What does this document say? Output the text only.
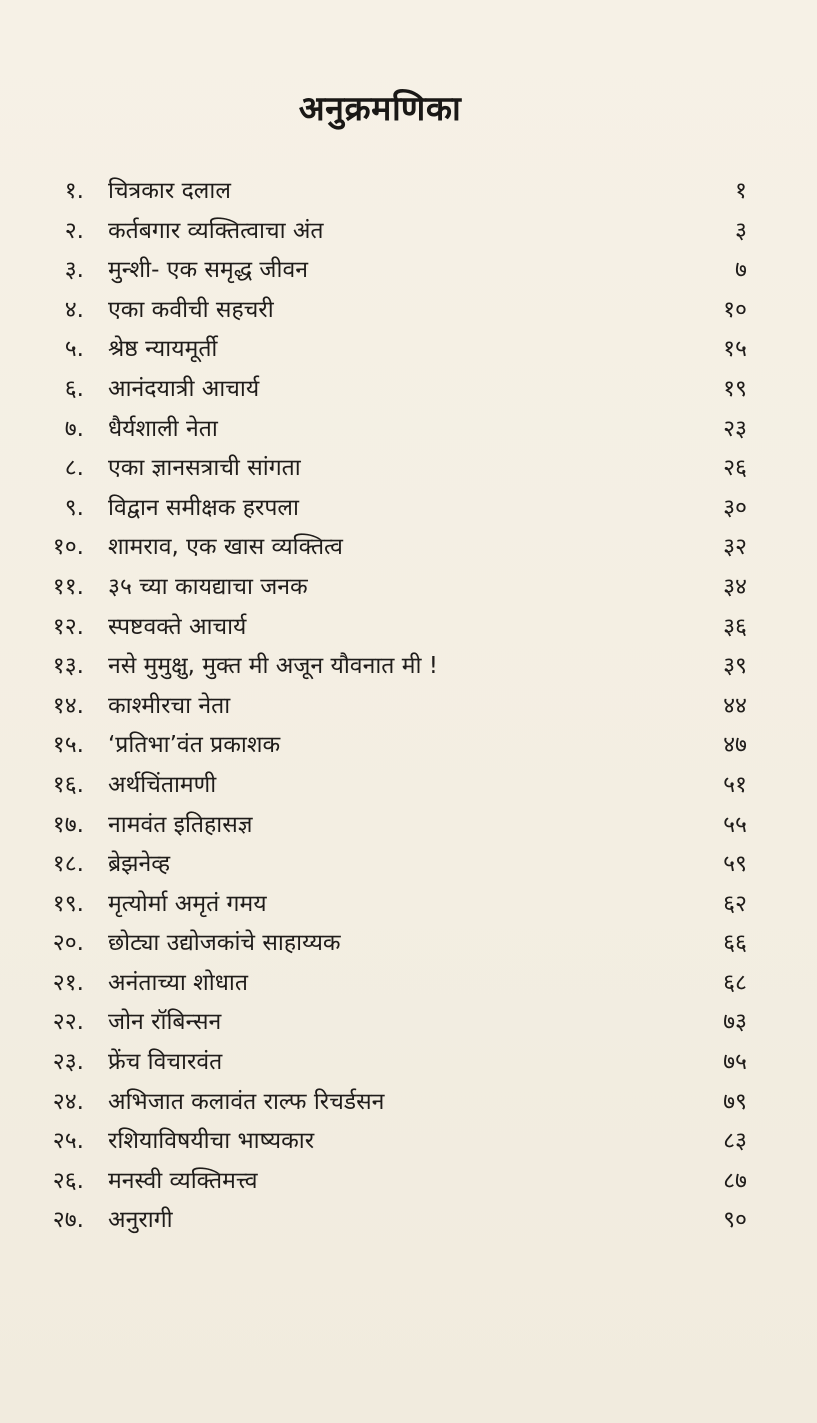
अनुक्रमणिका
१. चित्रकार दलाल	१
२. कर्तबगार व्यक्तित्वाचा अंत	३
३. मुन्शी- एक समृद्ध जीवन	७
४. एका कवीची सहचरी	१०
५. श्रेष्ठ न्यायमूर्ती	१५
६. आनंदयात्री आचार्य	१९
७. धैर्यशाली नेता	२३
८. एका ज्ञानसत्राची सांगता	२६
९. विद्वान समीक्षक हरपला	३०
१०. शामराव, एक खास व्यक्तित्व	३२
११. ३५ च्या कायद्याचा जनक	३४
१२. स्पष्टवक्ते आचार्य	३६
१३. नसे मुमुक्षु, मुक्त मी अजून यौवनात मी !	३९
१४. काश्मीरचा नेता	४४
१५. ‘प्रतिभा’वंत प्रकाशक	४७
१६. अर्थचिंतामणी	५१
१७. नामवंत इतिहासज्ञ	५५
१८. ब्रेझनेव्ह	५९
१९. मृत्योर्मा अमृतं गमय	६२
२०. छोट्या उद्योजकांचे साहाय्यक	६६
२१. अनंताच्या शोधात	६८
२२. जोन रॉबिन्सन	७३
२३. फ्रेंच विचारवंत	७५
२४. अभिजात कलावंत राल्फ रिचर्डसन	७९
२५. रशियाविषयीचा भाष्यकार	८३
२६. मनस्वी व्यक्तिमत्त्व	८७
२७. अनुरागी	९०
